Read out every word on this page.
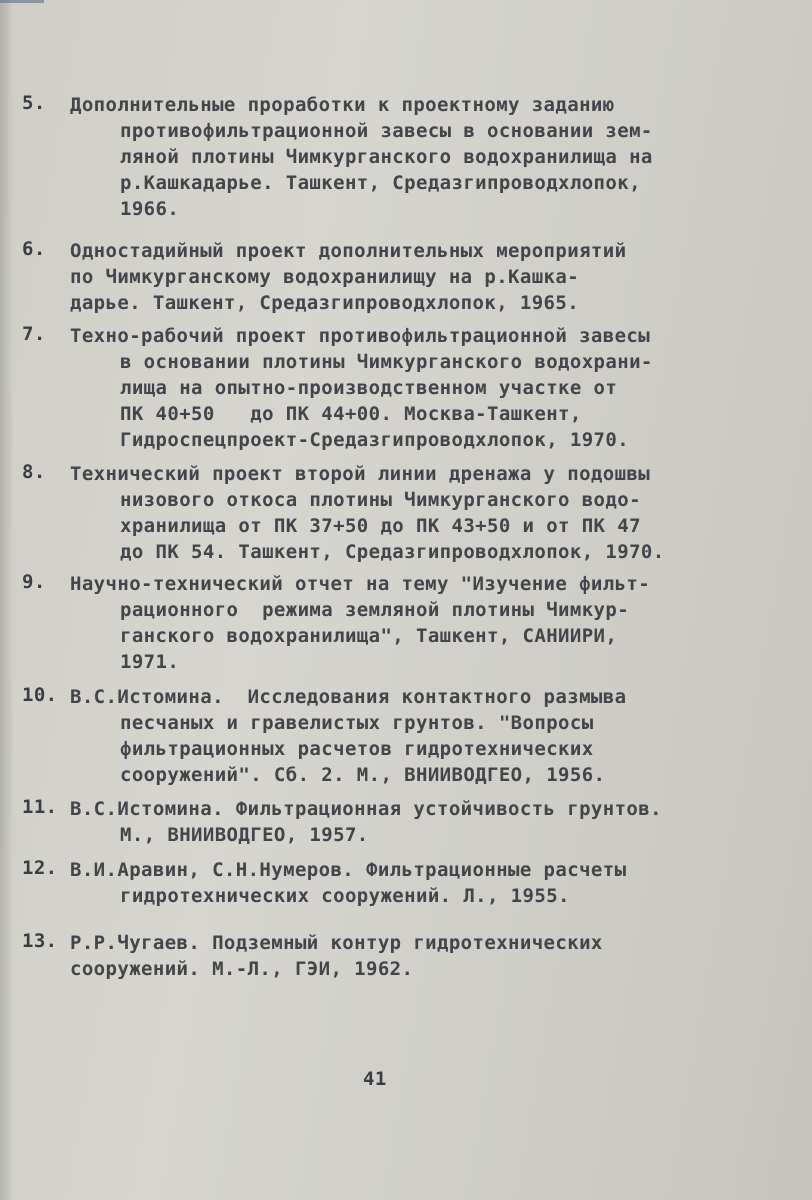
5.	Дополнительные проработки к проектному заданию
противофильтрационной завесы в основании зем-
ляной плотины Чимкурганского водохранилища на
р.Кашкадарье. Ташкент, Средазгипроводхлопок,
1966.
6.	Одностадийный проект дополнительных мероприятий
по Чимкурганскому водохранилищу на р.Кашка-
дарье. Ташкент, Средазгипроводхлопок, 1965.
7.	Техно-рабочий проект противофильтрационной завесы
в основании плотины Чимкурганского водохрани-
лища на опытно-производственном участке от
ПК 40+50   до ПК 44+00. Москва-Ташкент,
Гидроспецпроект-Средазгипроводхлопок, 1970.
8.	Технический проект второй линии дренажа у подошвы
низового откоса плотины Чимкурганского водо-
хранилища от ПК 37+50 до ПК 43+50 и от ПК 47
до ПК 54. Ташкент, Средазгипроводхлопок, 1970.
9.	Научно-технический отчет на тему "Изучение фильт-
рационного  режима земляной плотины Чимкур-
ганского водохранилища", Ташкент, САНИИРИ,
1971.
10. В.С.Истомина.  Исследования контактного размыва
песчаных и гравелистых грунтов. "Вопросы
фильтрационных расчетов гидротехнических
сооружений". Сб. 2. М., ВНИИВОДГЕО, 1956.
11. В.С.Истомина. Фильтрационная устойчивость грунтов.
М., ВНИИВОДГЕО, 1957.
12. В.И.Аравин, С.Н.Нумеров. Фильтрационные расчеты
гидротехнических сооружений. Л., 1955.
13. Р.Р.Чугаев. Подземный контур гидротехнических
сооружений. М.-Л., ГЭИ, 1962.
41
